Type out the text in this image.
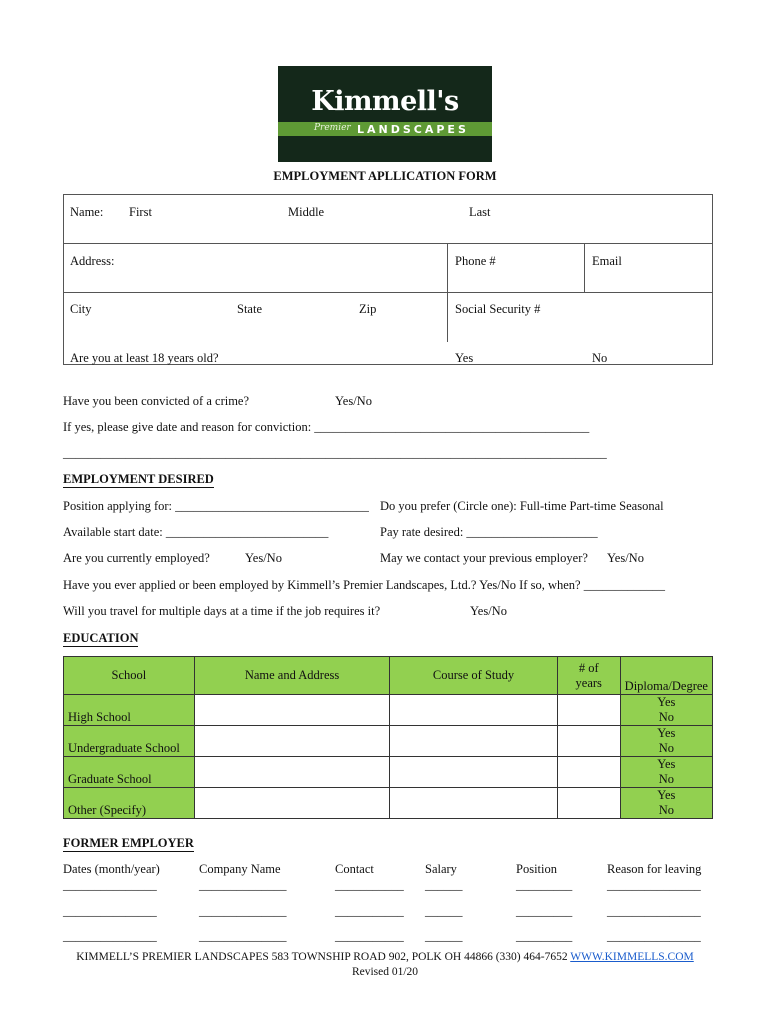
Kimmell's
Premier LANDSCAPES
EMPLOYMENT APLLICATION FORM
Name: First	Middle	Last
Address:	Phone #	Email
City	State	Zip	Social Security #
Are you at least 18 years old?	Yes	No
Have you been convicted of a crime?	Yes/No
If yes, please give date and reason for conviction: ____________________________________________
_______________________________________________________________________________________
EMPLOYMENT DESIRED
Position applying for: _______________________________ Do you prefer (Circle one): Full-time Part-time Seasonal
Available start date: __________________________	Pay rate desired: _____________________
Are you currently employed?	Yes/No	May we contact your previous employer? Yes/No
Have you ever applied or been employed by Kimmell’s Premier Landscapes, Ltd.? Yes/No If so, when? _____________
Will you travel for multiple days at a time if the job requires it?	Yes/No
EDUCATION
School	Name and Address	Course of Study	# of
years	Diploma/Degree
High School				Yes
No
Undergraduate School				Yes
No
Graduate School				Yes
No
Other (Specify)				Yes
No
FORMER EMPLOYER
Dates (month/year)	Company Name	Contact	Salary	Position	Reason for leaving
_______________	______________	___________ ______	_________	_______________
_______________	______________	___________ ______	_________	_______________
_______________	______________	___________ ______	_________	_______________
KIMMELL’S PREMIER LANDSCAPES 583 TOWNSHIP ROAD 902, POLK OH 44866 (330) 464-7652 WWW.KIMMELLS.COM
Revised 01/20
